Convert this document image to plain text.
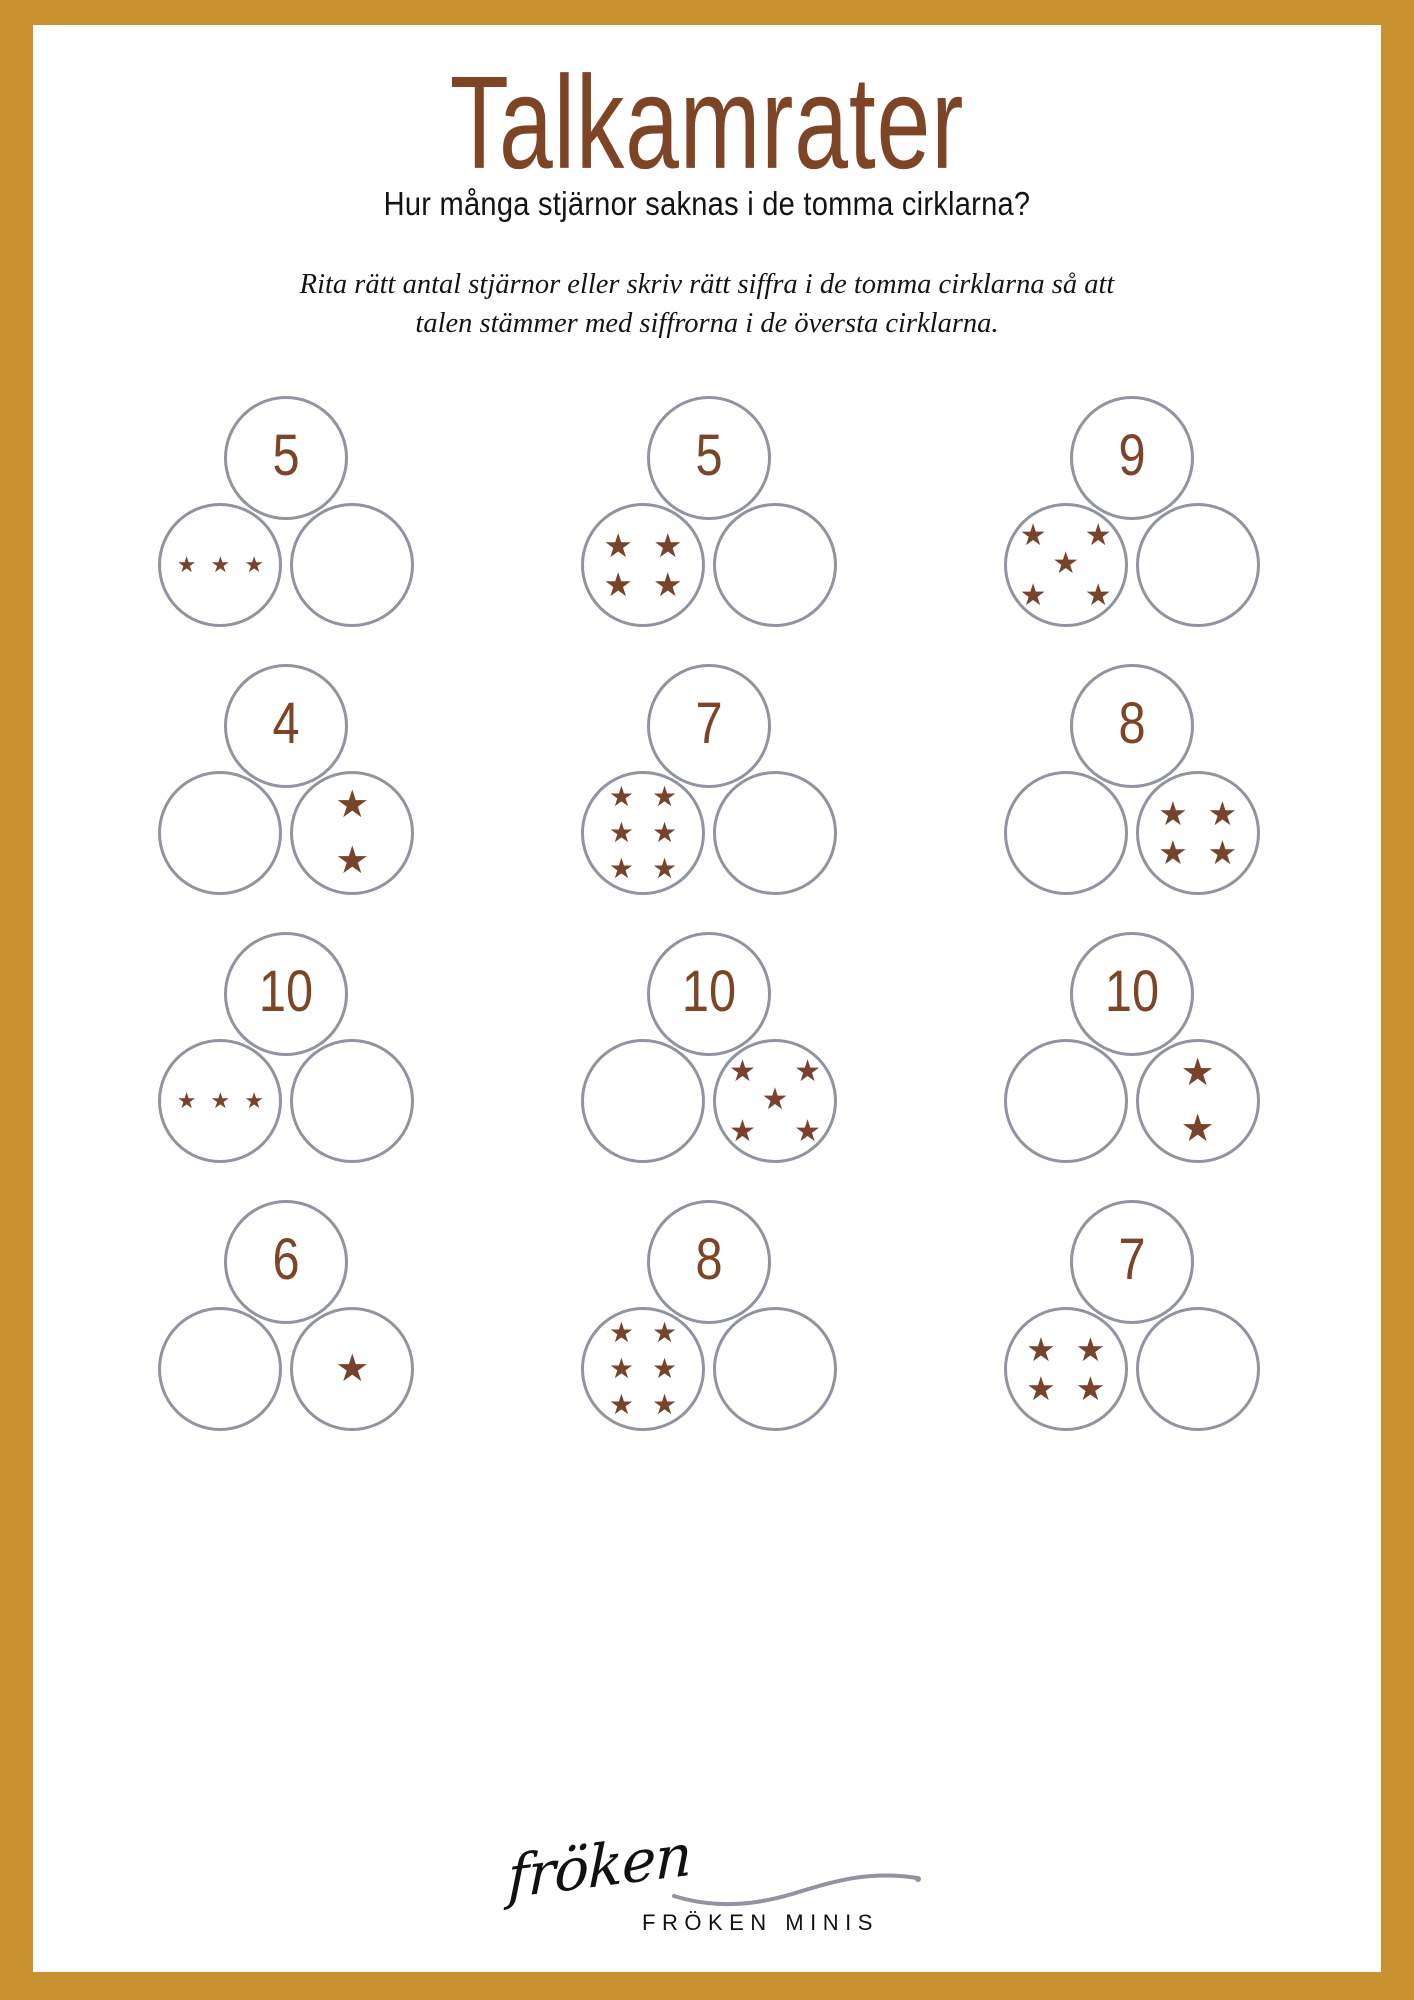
Talkamrater
Hur många stjärnor saknas i de tomma cirklarna?
Rita rätt antal stjärnor eller skriv rätt siffra i de tomma cirklarna så att talen stämmer med siffrorna i de översta cirklarna.
5
★ ★ ★
5
★ ★
★ ★
9
★ ★
★
★ ★
4
★
★
7
★ ★
★ ★
★ ★
8
★ ★
★ ★
10
★ ★ ★
10
★ ★
★
★ ★
10
★
★
6
★
8
★ ★
★ ★
★ ★
7
★ ★
★ ★
fröken
FRÖKEN MINIS
